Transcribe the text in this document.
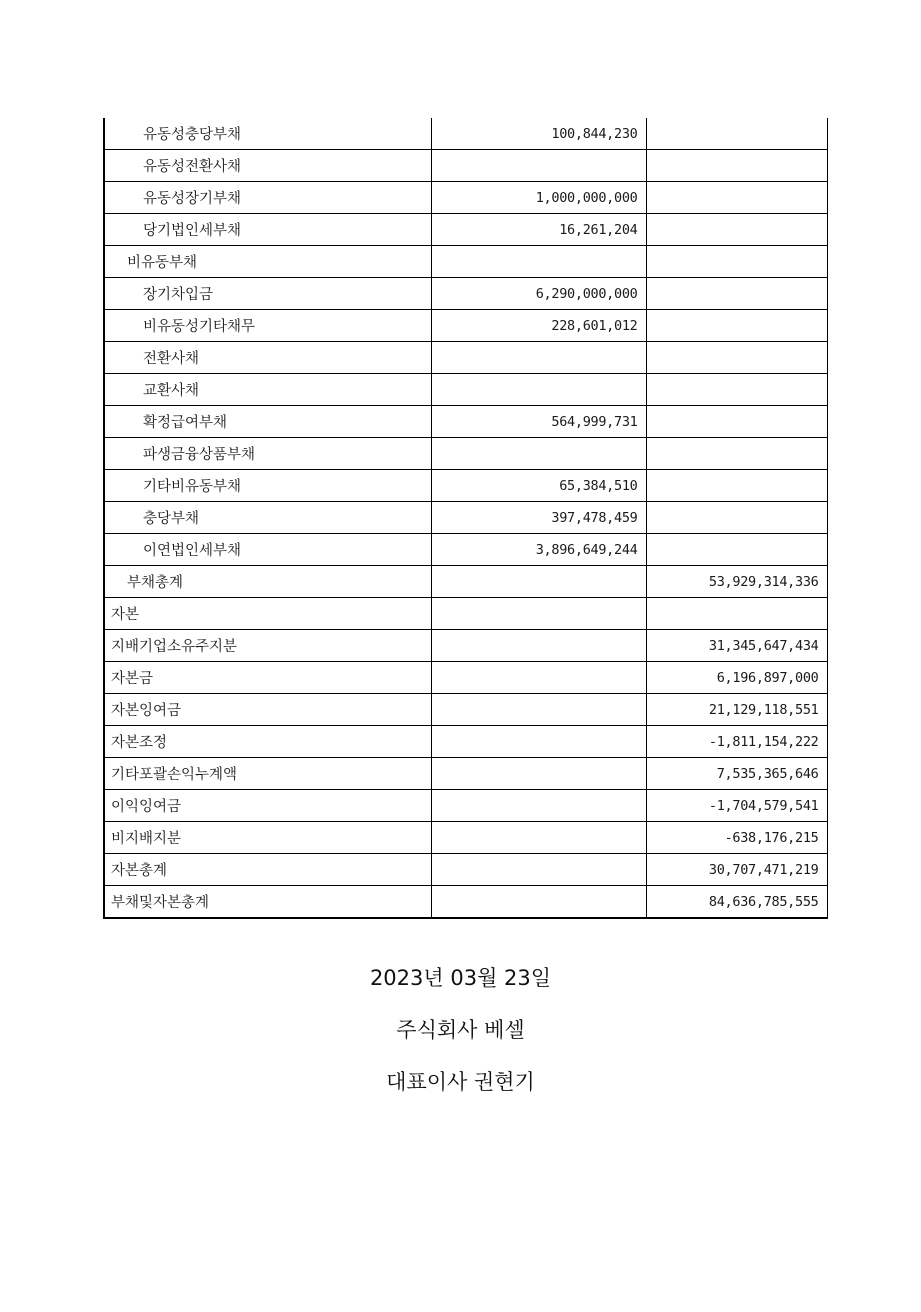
유동성충당부채	100,844,230	
유동성전환사채		
유동성장기부채	1,000,000,000	
당기법인세부채	16,261,204	
비유동부채		
장기차입금	6,290,000,000	
비유동성기타채무	228,601,012	
전환사채		
교환사채		
확정급여부채	564,999,731	
파생금융상품부채		
기타비유동부채	65,384,510	
충당부채	397,478,459	
이연법인세부채	3,896,649,244	
부채총계		53,929,314,336
자본		
지배기업소유주지분		31,345,647,434
자본금		6,196,897,000
자본잉여금		21,129,118,551
자본조정		-1,811,154,222
기타포괄손익누계액		7,535,365,646
이익잉여금		-1,704,579,541
비지배지분		-638,176,215
자본총계		30,707,471,219
부채및자본총계		84,636,785,555
2023년 03월 23일
주식회사 베셀
대표이사 권현기
